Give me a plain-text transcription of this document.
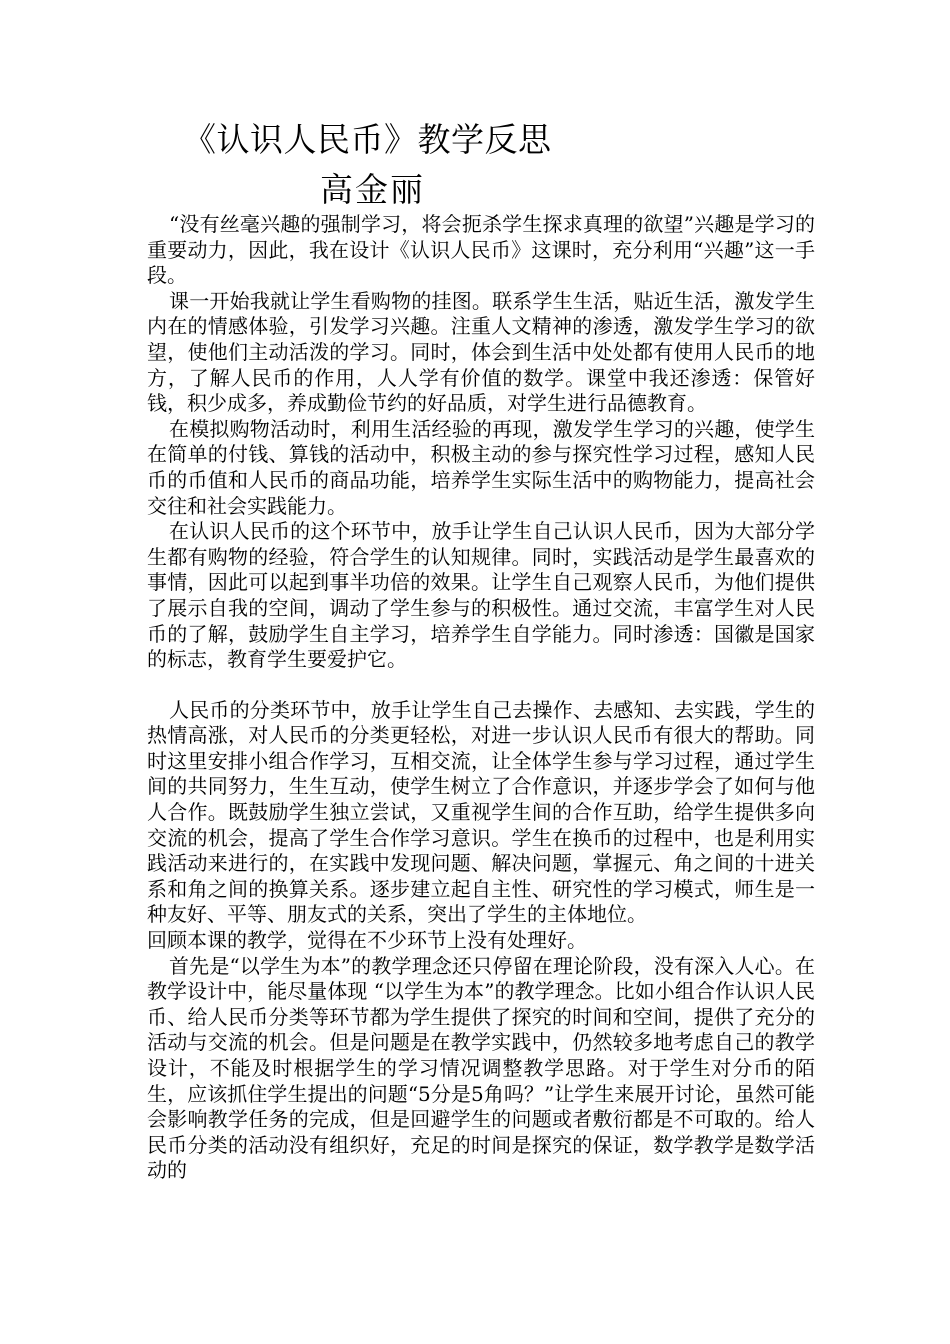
《认识人民币》教学反思
高金丽

“没有丝毫兴趣的强制学习，将会扼杀学生探求真理的欲望”兴趣是学习的重要动力，因此，我在设计《认识人民币》这课时，充分利用“兴趣”这一手段。

课一开始我就让学生看购物的挂图。联系学生生活，贴近生活，激发学生内在的情感体验，引发学习兴趣。注重人文精神的渗透，激发学生学习的欲望，使他们主动活泼的学习。同时，体会到生活中处处都有使用人民币的地方，了解人民币的作用，人人学有价值的数学。课堂中我还渗透：保管好钱，积少成多，养成勤俭节约的好品质，对学生进行品德教育。

在模拟购物活动时，利用生活经验的再现，激发学生学习的兴趣，使学生在简单的付钱、算钱的活动中，积极主动的参与探究性学习过程，感知人民币的币值和人民币的商品功能，培养学生实际生活中的购物能力，提高社会交往和社会实践能力。

在认识人民币的这个环节中，放手让学生自己认识人民币，因为大部分学生都有购物的经验，符合学生的认知规律。同时，实践活动是学生最喜欢的事情，因此可以起到事半功倍的效果。让学生自己观察人民币，为他们提供了展示自我的空间，调动了学生参与的积极性。通过交流，丰富学生对人民币的了解，鼓励学生自主学习，培养学生自学能力。同时渗透：国徽是国家的标志，教育学生要爱护它。

人民币的分类环节中，放手让学生自己去操作、去感知、去实践，学生的热情高涨，对人民币的分类更轻松，对进一步认识人民币有很大的帮助。同时这里安排小组合作学习，互相交流，让全体学生参与学习过程，通过学生间的共同努力，生生互动，使学生树立了合作意识，并逐步学会了如何与他人合作。既鼓励学生独立尝试，又重视学生间的合作互助，给学生提供多向交流的机会，提高了学生合作学习意识。学生在换币的过程中，也是利用实践活动来进行的，在实践中发现问题、解决问题，掌握元、角之间的十进关系和角之间的换算关系。逐步建立起自主性、研究性的学习模式，师生是一种友好、平等、朋友式的关系，突出了学生的主体地位。

回顾本课的教学，觉得在不少环节上没有处理好。

首先是“以学生为本”的教学理念还只停留在理论阶段，没有深入人心。在教学设计中，能尽量体现 “以学生为本”的教学理念。比如小组合作认识人民币、给人民币分类等环节都为学生提供了探究的时间和空间，提供了充分的活动与交流的机会。但是问题是在教学实践中，仍然较多地考虑自己的教学设计，不能及时根据学生的学习情况调整教学思路。对于学生对分币的陌生，应该抓住学生提出的问题“5分是5角吗？”让学生来展开讨论，虽然可能会影响教学任务的完成，但是回避学生的问题或者敷衍都是不可取的。给人民币分类的活动没有组织好，充足的时间是探究的保证，数学教学是数学活动的
